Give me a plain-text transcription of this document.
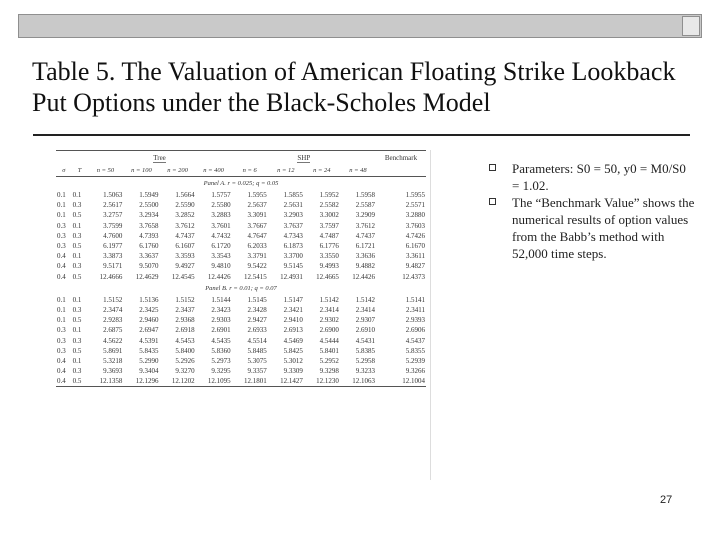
Table 5. The Valuation of American Floating Strike Lookback Put Options under the Black-Scholes Model
		Tree				SHP				Benchmark
σ	T	n = 50	n = 100	n = 200	n = 400	n = 6	n = 12	n = 24	n = 48	
Panel A. r = 0.025; q = 0.05										
0.1	0.1	1.5063	1.5949	1.5664	1.5757	1.5955	1.5855	1.5952	1.5958	1.5955
0.1	0.3	2.5617	2.5500	2.5590	2.5580	2.5637	2.5631	2.5582	2.5587	2.5571
0.1	0.5	3.2757	3.2934	3.2852	3.2883	3.3091	3.2903	3.3002	3.2909	3.2880
0.3	0.1	3.7599	3.7658	3.7612	3.7601	3.7667	3.7637	3.7597	3.7612	3.7603
0.3	0.3	4.7600	4.7393	4.7437	4.7432	4.7647	4.7343	4.7487	4.7437	4.7426
0.3	0.5	6.1977	6.1760	6.1607	6.1720	6.2033	6.1873	6.1776	6.1721	6.1670
0.4	0.1	3.3873	3.3637	3.3593	3.3543	3.3791	3.3700	3.3550	3.3636	3.3611
0.4	0.3	9.5171	9.5070	9.4927	9.4810	9.5422	9.5145	9.4993	9.4882	9.4827
0.4	0.5	12.4666	12.4629	12.4545	12.4426	12.5415	12.4931	12.4665	12.4426	12.4373
Panel B. r = 0.01; q = 0.07										
0.1	0.1	1.5152	1.5136	1.5152	1.5144	1.5145	1.5147	1.5142	1.5142	1.5141
0.1	0.3	2.3474	2.3425	2.3437	2.3423	2.3428	2.3421	2.3414	2.3414	2.3411
0.1	0.5	2.9283	2.9460	2.9368	2.9303	2.9427	2.9410	2.9302	2.9307	2.9393
0.3	0.1	2.6875	2.6947	2.6918	2.6901	2.6933	2.6913	2.6900	2.6910	2.6906
0.3	0.3	4.5622	4.5391	4.5453	4.5435	4.5514	4.5469	4.5444	4.5431	4.5437
0.3	0.5	5.8691	5.8435	5.8400	5.8360	5.8485	5.8425	5.8401	5.8385	5.8355
0.4	0.1	5.3218	5.2990	5.2926	5.2973	5.3075	5.3012	5.2952	5.2958	5.2939
0.4	0.3	9.3693	9.3404	9.3270	9.3295	9.3357	9.3309	9.3298	9.3233	9.3266
0.4	0.5	12.1358	12.1296	12.1202	12.1095	12.1801	12.1427	12.1230	12.1063	12.1004
Parameters: S0 = 50, y0 = M0/S0 = 1.02.
The “Benchmark Value” shows the numerical results of option values from the Babb’s method with 52,000 time steps.
27
